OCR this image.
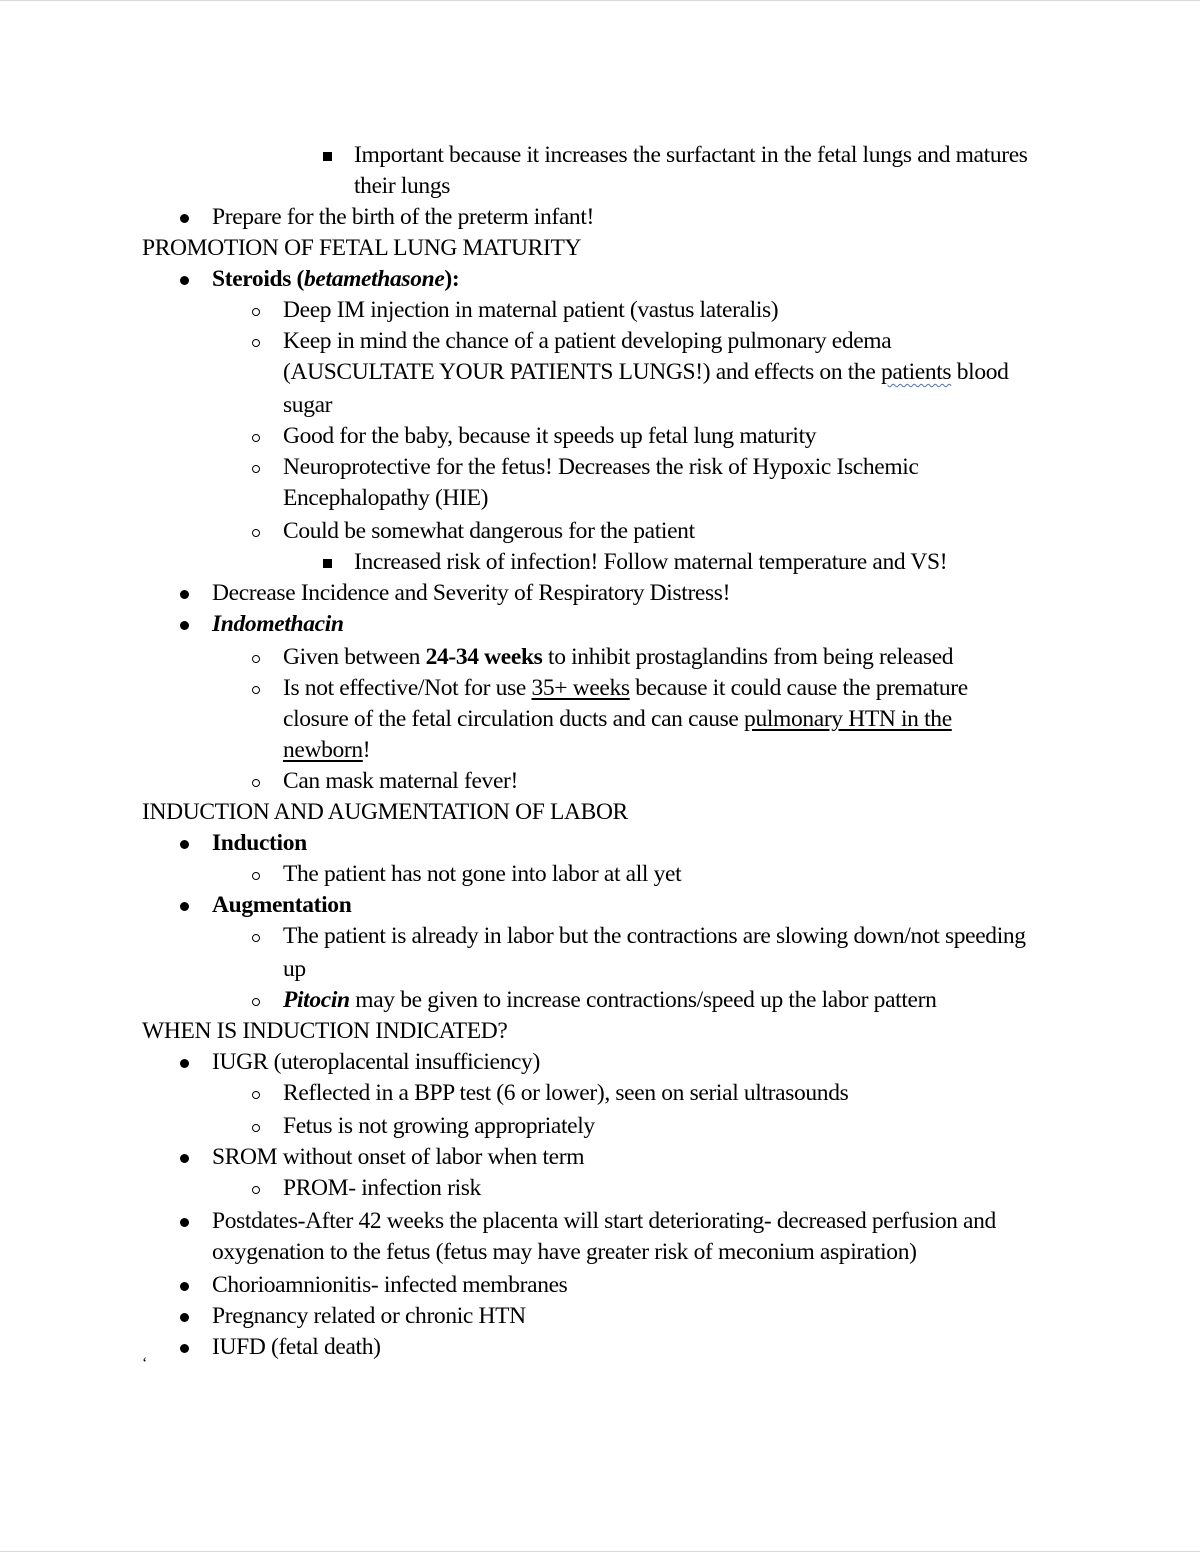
Important because it increases the surfactant in the fetal lungs and matures
their lungs
Prepare for the birth of the preterm infant!
PROMOTION OF FETAL LUNG MATURITY
Steroids (betamethasone):
Deep IM injection in maternal patient (vastus lateralis)
Keep in mind the chance of a patient developing pulmonary edema
(AUSCULTATE YOUR PATIENTS LUNGS!) and effects on the patients blood
sugar
Good for the baby, because it speeds up fetal lung maturity
Neuroprotective for the fetus! Decreases the risk of Hypoxic Ischemic
Encephalopathy (HIE)
Could be somewhat dangerous for the patient
Increased risk of infection! Follow maternal temperature and VS!
Decrease Incidence and Severity of Respiratory Distress!
Indomethacin
Given between 24-34 weeks to inhibit prostaglandins from being released
Is not effective/Not for use 35+ weeks because it could cause the premature
closure of the fetal circulation ducts and can cause pulmonary HTN in the
newborn!
Can mask maternal fever!
INDUCTION AND AUGMENTATION OF LABOR
Induction
The patient has not gone into labor at all yet
Augmentation
The patient is already in labor but the contractions are slowing down/not speeding
up
Pitocin may be given to increase contractions/speed up the labor pattern
WHEN IS INDUCTION INDICATED?
IUGR (uteroplacental insufficiency)
Reflected in a BPP test (6 or lower), seen on serial ultrasounds
Fetus is not growing appropriately
SROM without onset of labor when term
PROM- infection risk
Postdates-After 42 weeks the placenta will start deteriorating- decreased perfusion and
oxygenation to the fetus (fetus may have greater risk of meconium aspiration)
Chorioamnionitis- infected membranes
Pregnancy related or chronic HTN
IUFD (fetal death)
‘
